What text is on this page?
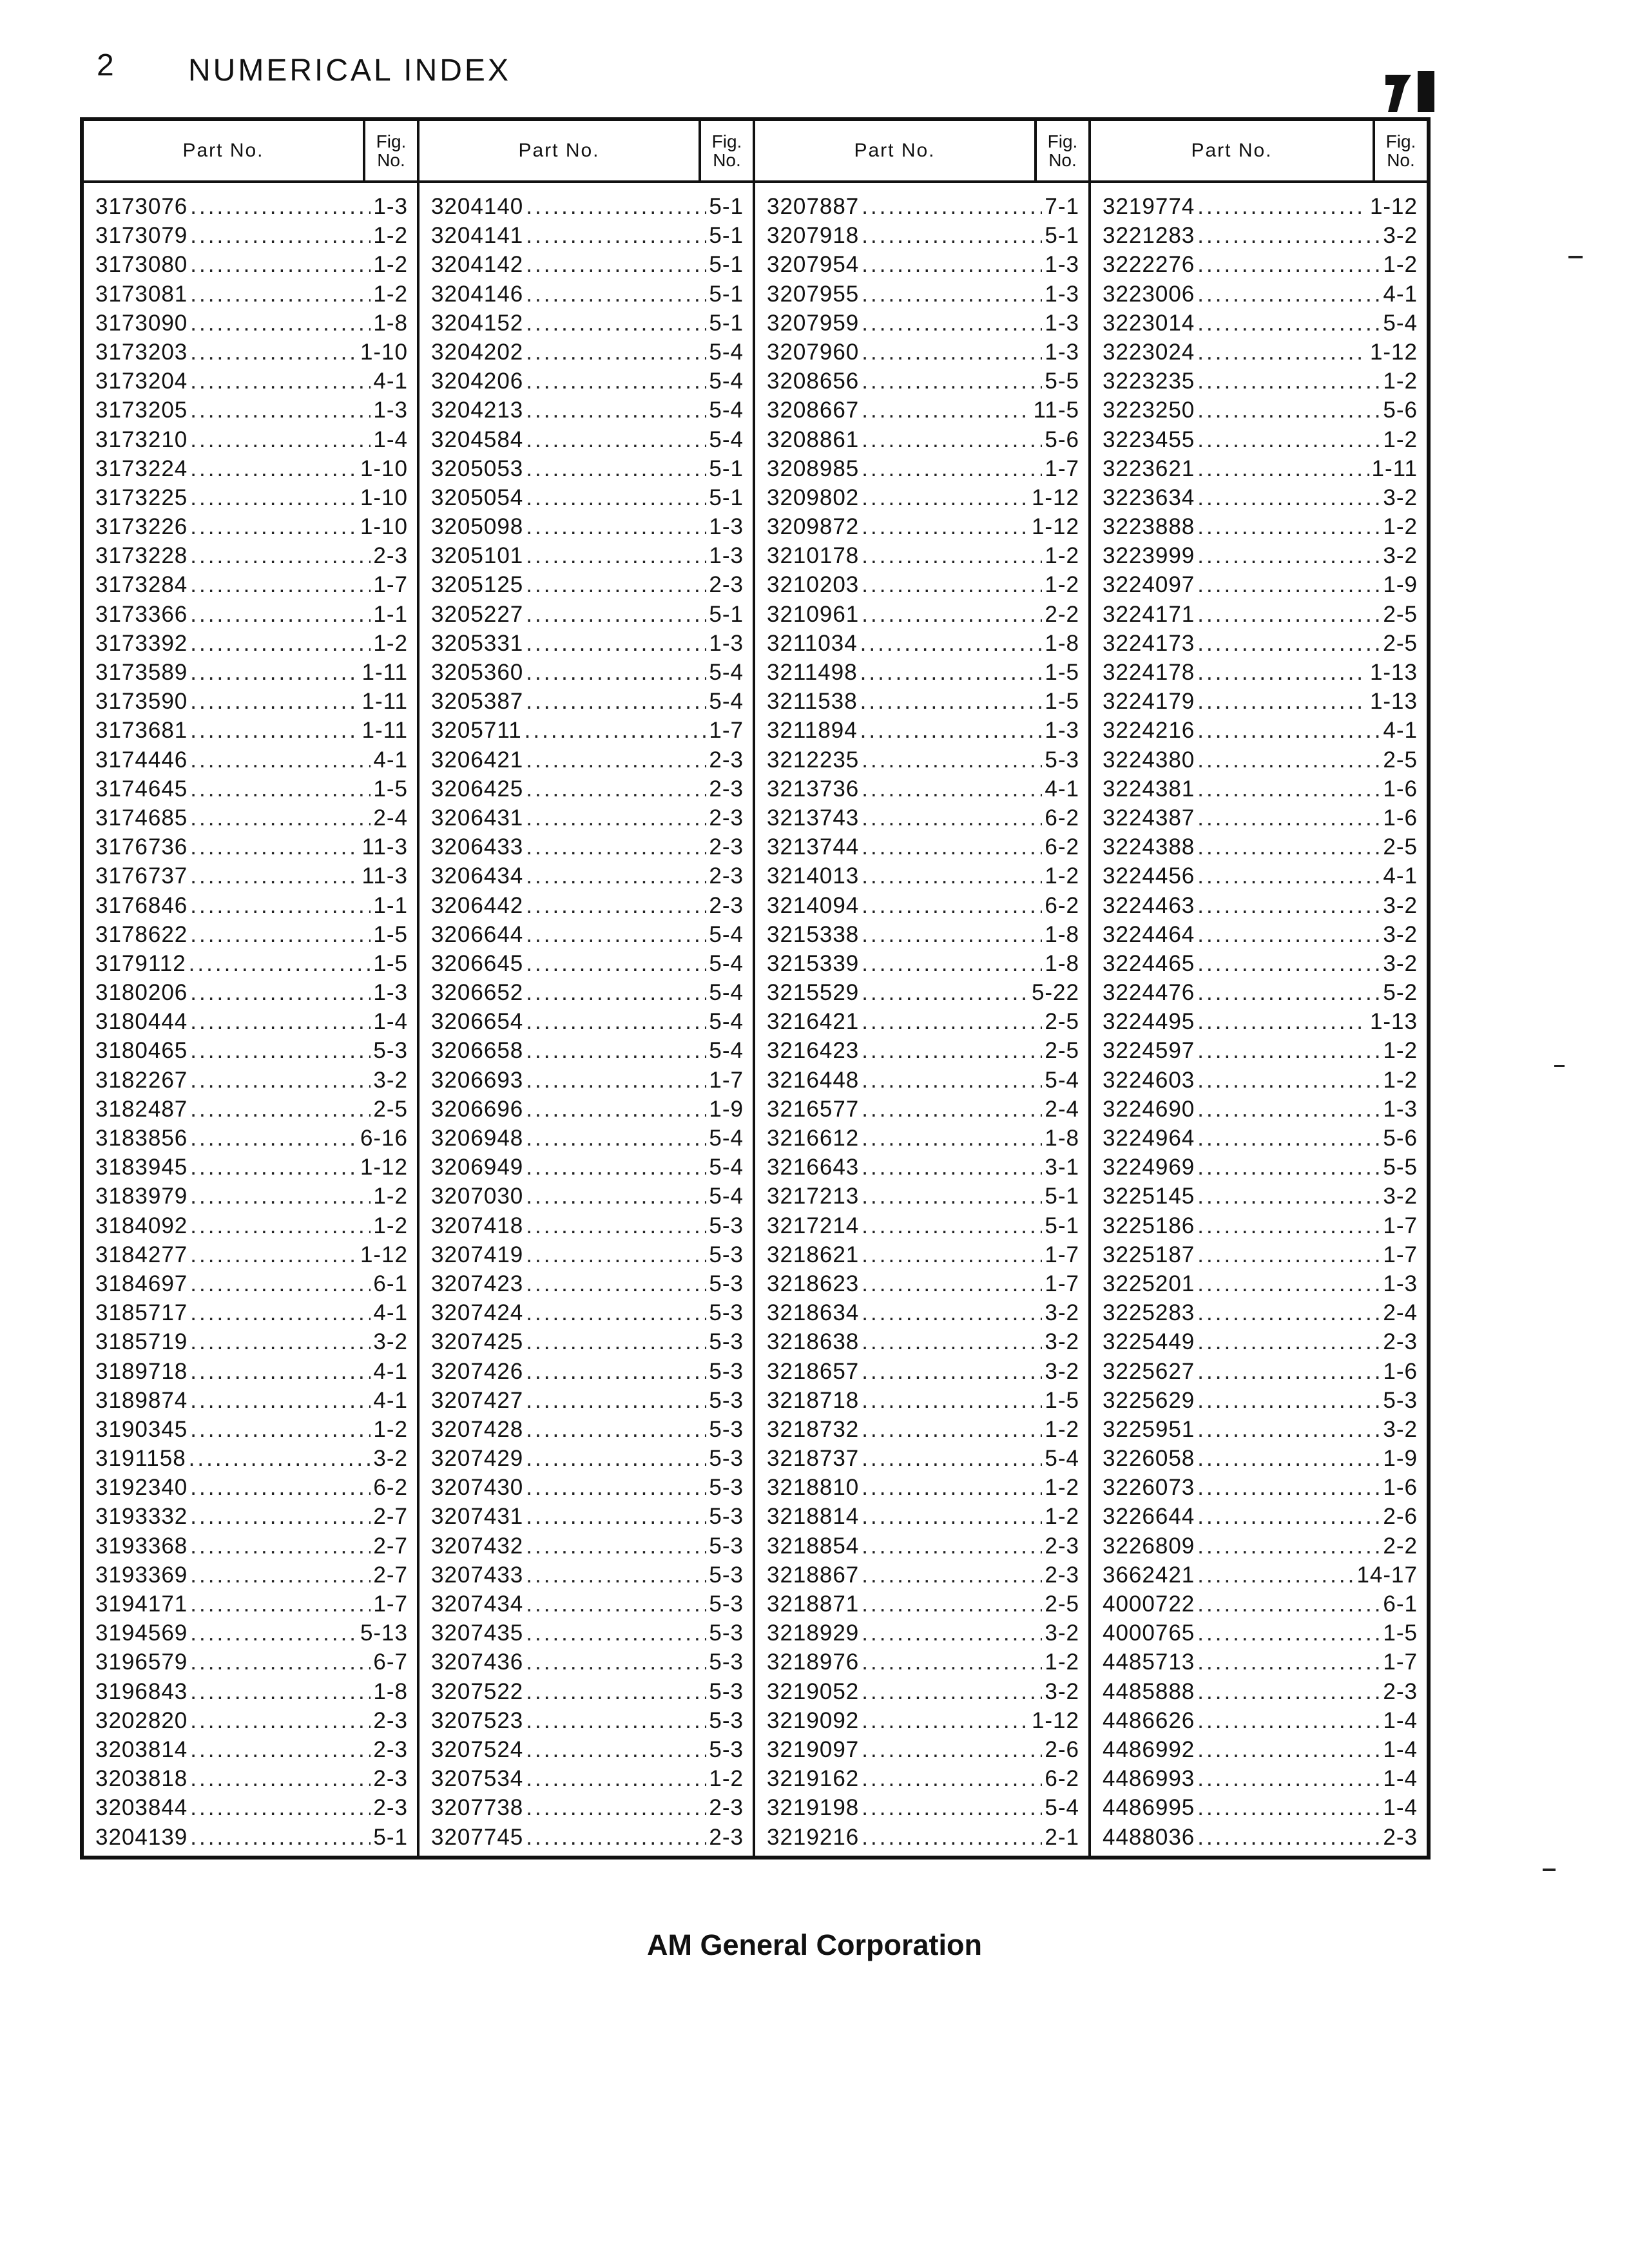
2 NUMERICAL INDEX
Part No.	Fig.
No.
3173076 .....	1-3
3173079 .....	1-2
3173080 .....	1-2
3173081 .....	1-2
3173090 .....	1-8
3173203 .....	1-10
3173204 .....	4-1
3173205 .....	1-3
3173210 .....	1-4
3173224 .....	1-10
3173225 .....	1-10
3173226 .....	1-10
3173228 .....	2-3
3173284 .....	1-7
3173366 .....	1-1
3173392 .....	1-2
3173589 .....	1-11
3173590 .....	1-11
3173681 .....	1-11
3174446 .....	4-1
3174645 .....	1-5
3174685 .....	2-4
3176736 .....	11-3
3176737 .....	11-3
3176846 .....	1-1
3178622 .....	1-5
3179112 .....	1-5
3180206 .....	1-3
3180444 .....	1-4
3180465 .....	5-3
3182267 .....	3-2
3182487 .....	2-5
3183856 .....	6-16
3183945 .....	1-12
3183979 .....	1-2
3184092 .....	1-2
3184277 .....	1-12
3184697 .....	6-1
3185717 .....	4-1
3185719 .....	3-2
3189718 .....	4-1
3189874 .....	4-1
3190345 .....	1-2
3191158 .....	3-2
3192340 .....	6-2
3193332 .....	2-7
3193368 .....	2-7
3193369 .....	2-7
3194171 .....	1-7
3194569 .....	5-13
3196579 .....	6-7
3196843 .....	1-8
3202820 .....	2-3
3203814 .....	2-3
3203818 .....	2-3
3203844 .....	2-3
3204139 .....	5-1
Part No.	Fig.
No.
3204140 .....	5-1
3204141 .....	5-1
3204142 .....	5-1
3204146 .....	5-1
3204152 .....	5-1
3204202 .....	5-4
3204206 .....	5-4
3204213 .....	5-4
3204584 .....	5-4
3205053 .....	5-1
3205054 .....	5-1
3205098 .....	1-3
3205101 .....	1-3
3205125 .....	2-3
3205227 .....	5-1
3205331 .....	1-3
3205360 .....	5-4
3205387 .....	5-4
3205711 .....	1-7
3206421 .....	2-3
3206425 .....	2-3
3206431 .....	2-3
3206433 .....	2-3
3206434 .....	2-3
3206442 .....	2-3
3206644 .....	5-4
3206645 .....	5-4
3206652 .....	5-4
3206654 .....	5-4
3206658 .....	5-4
3206693 .....	1-7
3206696 .....	1-9
3206948 .....	5-4
3206949 .....	5-4
3207030 .....	5-4
3207418 .....	5-3
3207419 .....	5-3
3207423 .....	5-3
3207424 .....	5-3
3207425 .....	5-3
3207426 .....	5-3
3207427 .....	5-3
3207428 .....	5-3
3207429 .....	5-3
3207430 .....	5-3
3207431 .....	5-3
3207432 .....	5-3
3207433 .....	5-3
3207434 .....	5-3
3207435 .....	5-3
3207436 .....	5-3
3207522 .....	5-3
3207523 .....	5-3
3207524 .....	5-3
3207534 .....	1-2
3207738 .....	2-3
3207745 .....	2-3
Part No.	Fig.
No.
3207887 .....	7-1
3207918 .....	5-1
3207954 .....	1-3
3207955 .....	1-3
3207959 .....	1-3
3207960 .....	1-3
3208656 .....	5-5
3208667 .....	11-5
3208861 .....	5-6
3208985 .....	1-7
3209802 .....	1-12
3209872 .....	1-12
3210178 .....	1-2
3210203 .....	1-2
3210961 .....	2-2
3211034 .....	1-8
3211498 .....	1-5
3211538 .....	1-5
3211894 .....	1-3
3212235 .....	5-3
3213736 .....	4-1
3213743 .....	6-2
3213744 .....	6-2
3214013 .....	1-2
3214094 .....	6-2
3215338 .....	1-8
3215339 .....	1-8
3215529 .....	5-22
3216421 .....	2-5
3216423 .....	2-5
3216448 .....	5-4
3216577 .....	2-4
3216612 .....	1-8
3216643 .....	3-1
3217213 .....	5-1
3217214 .....	5-1
3218621 .....	1-7
3218623 .....	1-7
3218634 .....	3-2
3218638 .....	3-2
3218657 .....	3-2
3218718 .....	1-5
3218732 .....	1-2
3218737 .....	5-4
3218810 .....	1-2
3218814 .....	1-2
3218854 .....	2-3
3218867 .....	2-3
3218871 .....	2-5
3218929 .....	3-2
3218976 .....	1-2
3219052 .....	3-2
3219092 .....	1-12
3219097 .....	2-6
3219162 .....	6-2
3219198 .....	5-4
3219216 .....	2-1
Part No.	Fig.
No.
3219774 .....	1-12
3221283 .....	3-2
3222276 .....	1-2
3223006 .....	4-1
3223014 .....	5-4
3223024 .....	1-12
3223235 .....	1-2
3223250 .....	5-6
3223455 .....	1-2
3223621 .....	1-11
3223634 .....	3-2
3223888 .....	1-2
3223999 .....	3-2
3224097 .....	1-9
3224171 .....	2-5
3224173 .....	2-5
3224178 .....	1-13
3224179 .....	1-13
3224216 .....	4-1
3224380 .....	2-5
3224381 .....	1-6
3224387 .....	1-6
3224388 .....	2-5
3224456 .....	4-1
3224463 .....	3-2
3224464 .....	3-2
3224465 .....	3-2
3224476 .....	5-2
3224495 .....	1-13
3224597 .....	1-2
3224603 .....	1-2
3224690 .....	1-3
3224964 .....	5-6
3224969 .....	5-5
3225145 .....	3-2
3225186 .....	1-7
3225187 .....	1-7
3225201 .....	1-3
3225283 .....	2-4
3225449 .....	2-3
3225627 .....	1-6
3225629 .....	5-3
3225951 .....	3-2
3226058 .....	1-9
3226073 .....	1-6
3226644 .....	2-6
3226809 .....	2-2
3662421 .....	14-17
4000722 .....	6-1
4000765 .....	1-5
4485713 .....	1-7
4485888 .....	2-3
4486626 .....	1-4
4486992 .....	1-4
4486993 .....	1-4
4486995 .....	1-4
4488036 .....	2-3
AM General Corporation
